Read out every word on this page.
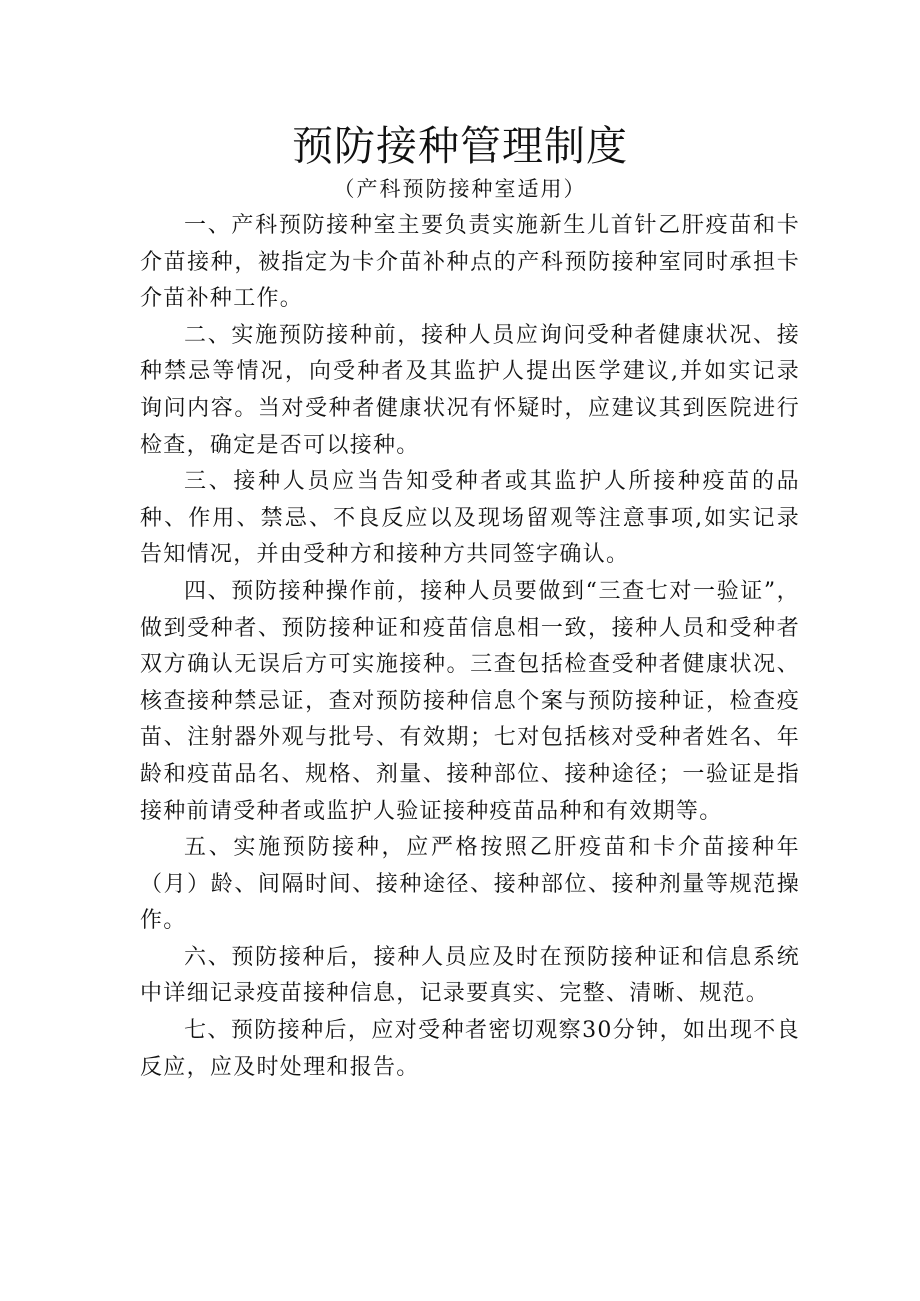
预防接种管理制度
（产科预防接种室适用）

一、产科预防接种室主要负责实施新生儿首针乙肝疫苗和卡介苗接种，被指定为卡介苗补种点的产科预防接种室同时承担卡介苗补种工作。

二、实施预防接种前，接种人员应询问受种者健康状况、接种禁忌等情况，向受种者及其监护人提出医学建议,并如实记录询问内容。当对受种者健康状况有怀疑时，应建议其到医院进行检查，确定是否可以接种。

三、接种人员应当告知受种者或其监护人所接种疫苗的品种、作用、禁忌、不良反应以及现场留观等注意事项,如实记录告知情况，并由受种方和接种方共同签字确认。

四、预防接种操作前，接种人员要做到“三查七对一验证”，做到受种者、预防接种证和疫苗信息相一致，接种人员和受种者双方确认无误后方可实施接种。三查包括检查受种者健康状况、核查接种禁忌证，查对预防接种信息个案与预防接种证，检查疫苗、注射器外观与批号、有效期；七对包括核对受种者姓名、年龄和疫苗品名、规格、剂量、接种部位、接种途径；一验证是指接种前请受种者或监护人验证接种疫苗品种和有效期等。

五、实施预防接种，应严格按照乙肝疫苗和卡介苗接种年（月）龄、间隔时间、接种途径、接种部位、接种剂量等规范操作。

六、预防接种后，接种人员应及时在预防接种证和信息系统中详细记录疫苗接种信息，记录要真实、完整、清晰、规范。

七、预防接种后，应对受种者密切观察30分钟，如出现不良反应，应及时处理和报告。
